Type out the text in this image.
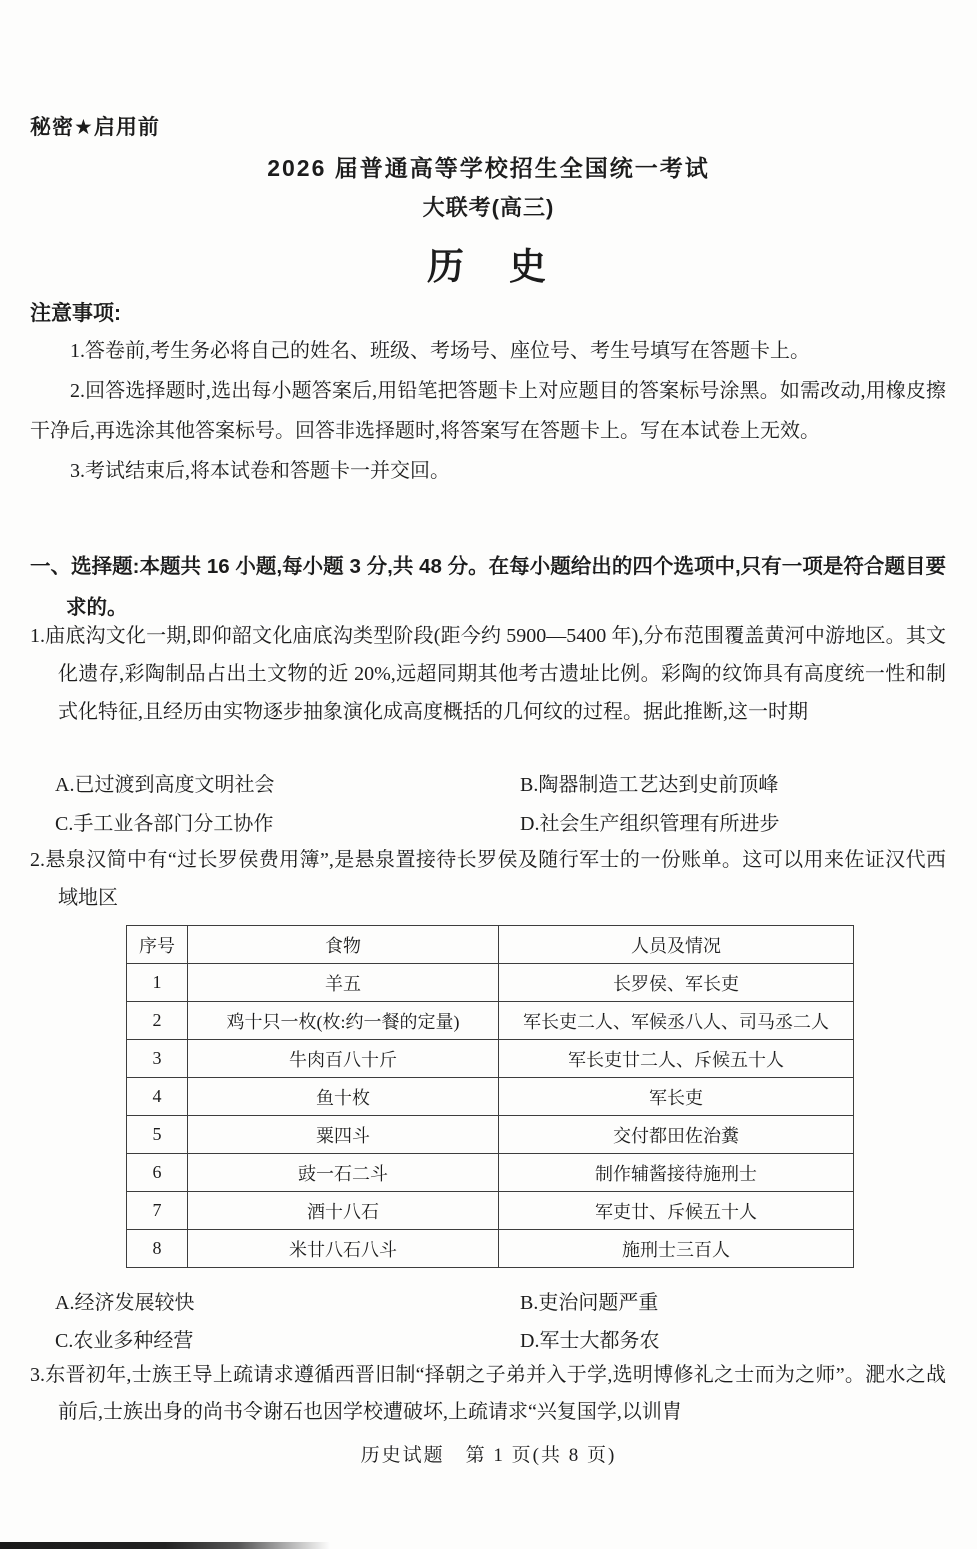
秘密★启用前
2026 届普通高等学校招生全国统一考试
大联考(高三)
历　史
注意事项:

1.答卷前,考生务必将自己的姓名、班级、考场号、座位号、考生号填写在答题卡上。

2.回答选择题时,选出每小题答案后,用铅笔把答题卡上对应题目的答案标号涂黑。如需改动,用橡皮擦干净后,再选涂其他答案标号。回答非选择题时,将答案写在答题卡上。写在本试卷上无效。

3.考试结束后,将本试卷和答题卡一并交回。

一、选择题:本题共 16 小题,每小题 3 分,共 48 分。在每小题给出的四个选项中,只有一项是符合题目要求的。

1.庙底沟文化一期,即仰韶文化庙底沟类型阶段(距今约 5900—5400 年),分布范围覆盖黄河中游地区。其文化遗存,彩陶制品占出土文物的近 20%,远超同期其他考古遗址比例。彩陶的纹饰具有高度统一性和制式化特征,且经历由实物逐步抽象演化成高度概括的几何纹的过程。据此推断,这一时期

A.已过渡到高度文明社会	B.陶器制造工艺达到史前顶峰
C.手工业各部门分工协作	D.社会生产组织管理有所进步

2.悬泉汉简中有“过长罗侯费用簿”,是悬泉置接待长罗侯及随行军士的一份账单。这可以用来佐证汉代西域地区

序号	食物	人员及情况
1	羊五	长罗侯、军长吏
2	鸡十只一枚(枚:约一餐的定量)	军长吏二人、军候丞八人、司马丞二人
3	牛肉百八十斤	军长吏廿二人、斥候五十人
4	鱼十枚	军长吏
5	粟四斗	交付都田佐治糞
6	豉一石二斗	制作辅酱接待施刑士
7	酒十八石	军吏廿、斥候五十人
8	米廿八石八斗	施刑士三百人
A.经济发展较快	B.吏治问题严重
C.农业多种经营	D.军士大都务农

3.东晋初年,士族王导上疏请求遵循西晋旧制“择朝之子弟并入于学,选明博修礼之士而为之师”。淝水之战前后,士族出身的尚书令谢石也因学校遭破坏,上疏请求“兴复国学,以训胄

历史试题　第 1 页(共 8 页)
